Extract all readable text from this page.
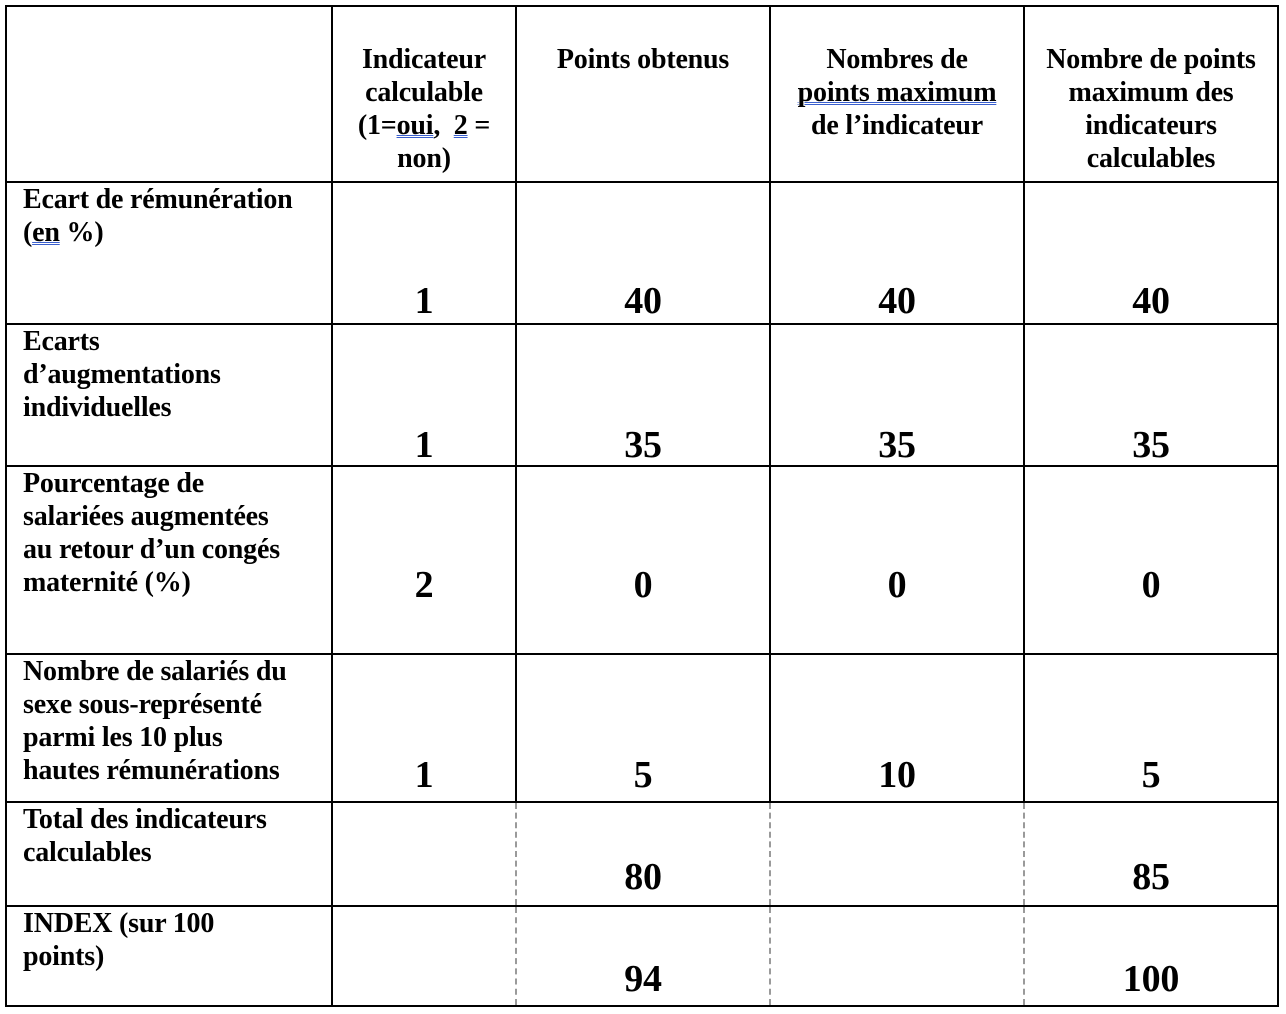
	Indicateur
calculable
(1=oui,  2 =
non)	Points obtenus	Nombres de
points maximum
de l’indicateur	Nombre de points
maximum des
indicateurs
calculables

Ecart de rémunération
(en %)	1	40	40	40

Ecarts
d’augmentations
individuelles	1	35	35	35

Pourcentage de
salariées augmentées
au retour d’un congés
maternité (%)	2	0	0	0

Nombre de salariés du
sexe sous-représenté
parmi les 10 plus
hautes rémunérations	1	5	10	5

Total des indicateurs
calculables		80		85

INDEX (sur 100
points)		94		100
